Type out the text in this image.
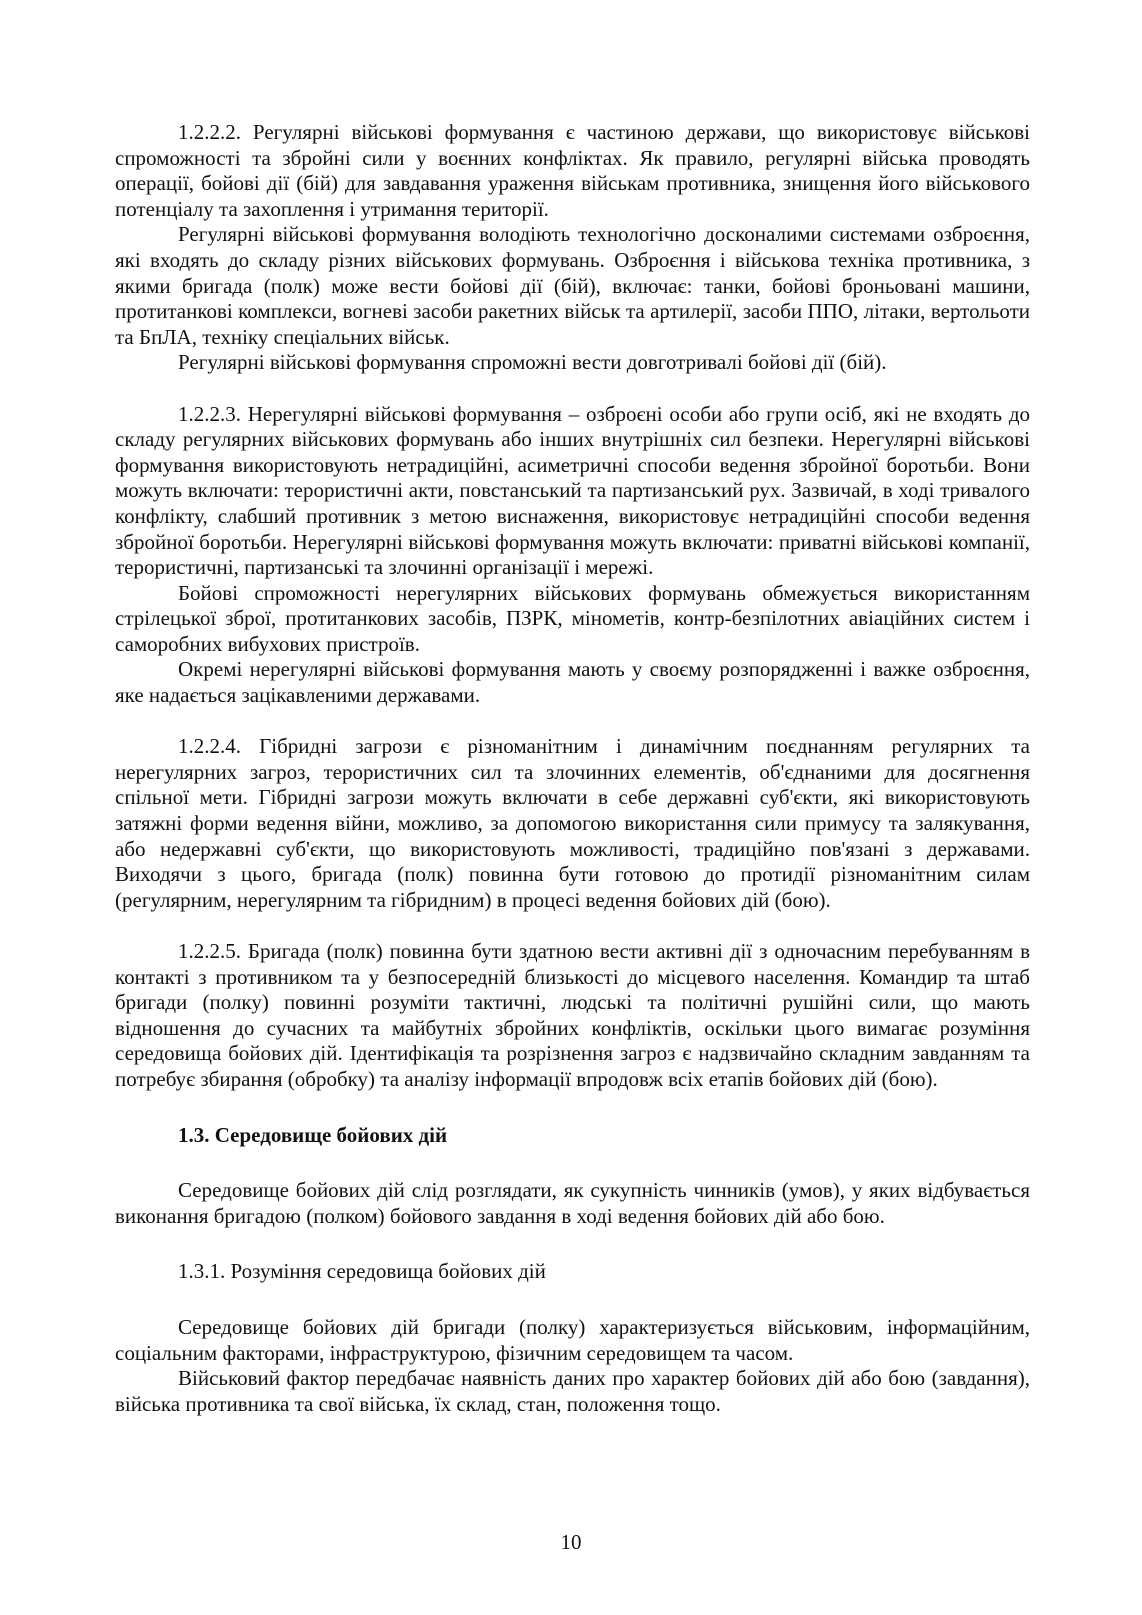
1.2.2.2. Регулярні військові формування є частиною держави, що використовує військові спроможності та збройні сили у воєнних конфліктах. Як правило, регулярні війська проводять операції, бойові дії (бій) для завдавання ураження військам противника, знищення його військового потенціалу та захоплення і утримання території.

Регулярні військові формування володіють технологічно досконалими системами озброєння, які входять до складу різних військових формувань. Озброєння і військова техніка противника, з якими бригада (полк) може вести бойові дії (бій), включає: танки, бойові броньовані машини, протитанкові комплекси, вогневі засоби ракетних військ та артилерії, засоби ППО, літаки, вертольоти та БпЛА, техніку спеціальних військ.

Регулярні військові формування спроможні вести довготривалі бойові дії (бій).

1.2.2.3. Нерегулярні військові формування – озброєні особи або групи осіб, які не входять до складу регулярних військових формувань або інших внутрішніх сил безпеки. Нерегулярні військові формування використовують нетрадиційні, асиметричні способи ведення збройної боротьби. Вони можуть включати: терористичні акти, повстанський та партизанський рух. Зазвичай, в ході тривалого конфлікту, слабший противник з метою виснаження, використовує нетрадиційні способи ведення збройної боротьби. Нерегулярні військові формування можуть включати: приватні військові компанії, терористичні, партизанські та злочинні організації і мережі.

Бойові спроможності нерегулярних військових формувань обмежується використанням стрілецької зброї, протитанкових засобів, ПЗРК, мінометів, контр-безпілотних авіаційних систем і саморобних вибухових пристроїв.

Окремі нерегулярні військові формування мають у своєму розпорядженні і важке озброєння, яке надається зацікавленими державами.

1.2.2.4. Гібридні загрози є різноманітним і динамічним поєднанням регулярних та нерегулярних загроз, терористичних сил та злочинних елементів, об'єднаними для досягнення спільної мети. Гібридні загрози можуть включати в себе державні суб'єкти, які використовують затяжні форми ведення війни, можливо, за допомогою використання сили примусу та залякування, або недержавні суб'єкти, що використовують можливості, традиційно пов'язані з державами. Виходячи з цього, бригада (полк) повинна бути готовою до протидії різноманітним силам (регулярним, нерегулярним та гібридним) в процесі ведення бойових дій (бою).

1.2.2.5. Бригада (полк) повинна бути здатною вести активні дії з одночасним перебуванням в контакті з противником та у безпосередній близькості до місцевого населення. Командир та штаб бригади (полку) повинні розуміти тактичні, людські та політичні рушійні сили, що мають відношення до сучасних та майбутніх збройних конфліктів, оскільки цього вимагає розуміння середовища бойових дій. Ідентифікація та розрізнення загроз є надзвичайно складним завданням та потребує збирання (обробку) та аналізу інформації впродовж всіх етапів бойових дій (бою).

1.3. Середовище бойових дій

Середовище бойових дій слід розглядати, як сукупність чинників (умов), у яких відбувається виконання бригадою (полком) бойового завдання в ході ведення бойових дій або бою.

1.3.1. Розуміння середовища бойових дій

Середовище бойових дій бригади (полку) характеризується військовим, інформаційним, соціальним факторами, інфраструктурою, фізичним середовищем та часом.

Військовий фактор передбачає наявність даних про характер бойових дій або бою (завдання), війська противника та свої війська, їх склад, стан, положення тощо.

10
